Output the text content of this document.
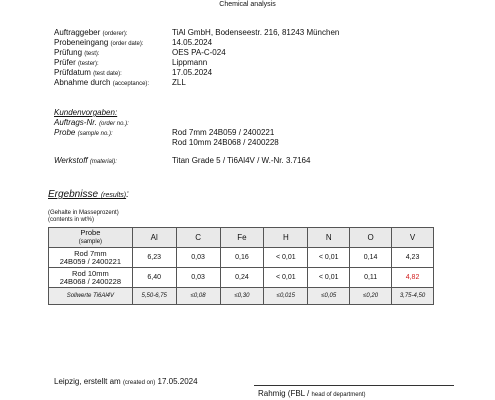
Chemical analysis
Auftraggeber (orderer):	TiAl GmbH, Bodenseestr. 216, 81243 München
Probeneingang (order date):	14.05.2024
Prüfung (test):	OES PA-C-024
Prüfer (tester):	Lippmann
Prüfdatum (test date):	17.05.2024
Abnahme durch (acceptance):	ZLL
Kundenvorgaben:
Auftrags-Nr. (order no.):
Probe (sample no.):	Rod 7mm 24B059 / 2400221
Rod 10mm 24B068 / 2400228
Werkstoff (material):	Titan Grade 5 / Ti6Al4V / W.-Nr. 3.7164
Ergebnisse (results):
(Gehalte in Masseprozent)
(contents in wt%)
Probe
(sample)	Al	C	Fe	H	N	O	V
Rod 7mm
24B059 / 2400221	6,23	0,03	0,16	< 0,01	< 0,01	0,14	4,23
Rod 10mm
24B068 / 2400228	6,40	0,03	0,24	< 0,01	< 0,01	0,11	4,82
Sollwerte Ti6Al4V	5,50-6,75	≤0,08	≤0,30	≤0,015	≤0,05	≤0,20	3,75-4,50
Leipzig, erstellt am (created on) 17.05.2024
Rahmig (FBL / head of department)
